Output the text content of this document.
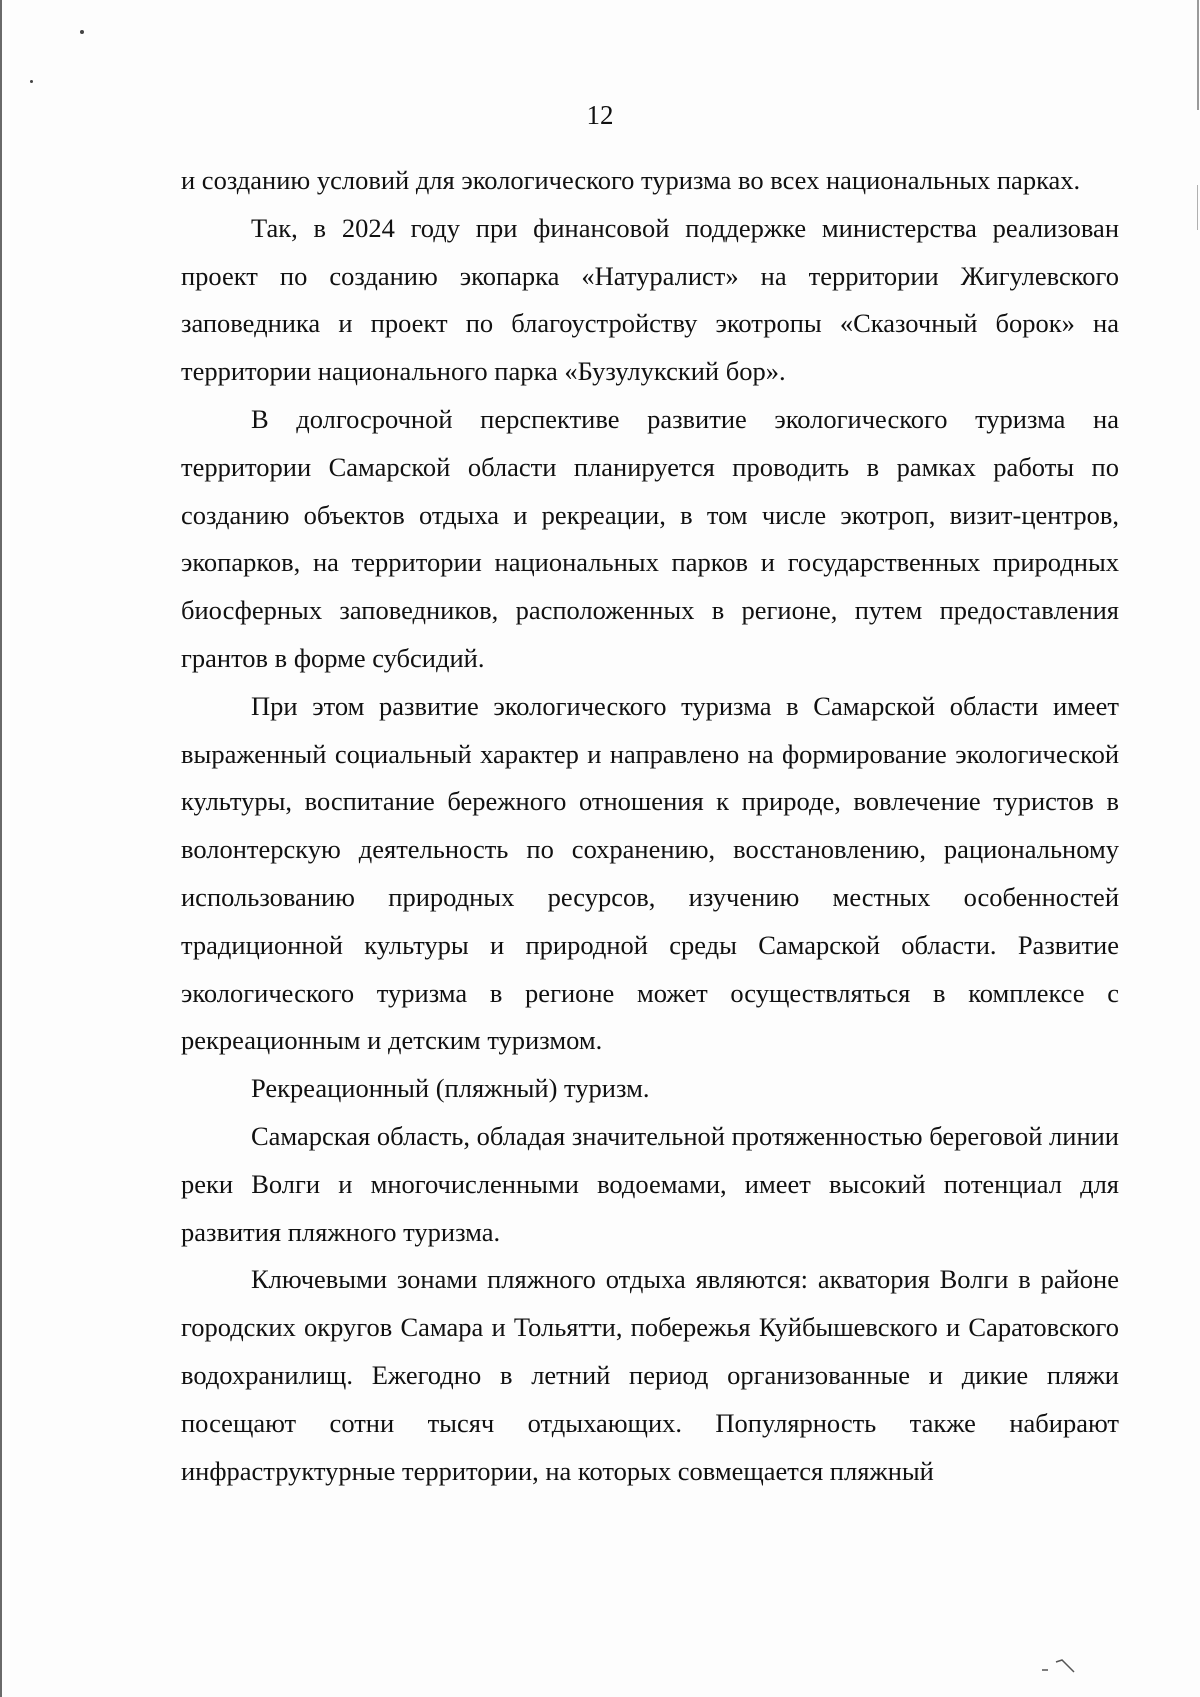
12

и созданию условий для экологического туризма во всех национальных парках.

Так, в 2024 году при финансовой поддержке министерства реализован проект по созданию экопарка «Натуралист» на территории Жигулевского заповедника и проект по благоустройству экотропы «Сказочный борок» на территории национального парка «Бузулукский бор».

В долгосрочной перспективе развитие экологического туризма на территории Самарской области планируется проводить в рамках работы по созданию объектов отдыха и рекреации, в том числе экотроп, визит-центров, экопарков, на территории национальных парков и государственных природных биосферных заповедников, расположенных в регионе, путем предоставления грантов в форме субсидий.

При этом развитие экологического туризма в Самарской области имеет выраженный социальный характер и направлено на формирование экологической культуры, воспитание бережного отношения к природе, вовлечение туристов в волонтерскую деятельность по сохранению, восстановлению, рациональному использованию природных ресурсов, изучению местных особенностей традиционной культуры и природной среды Самарской области. Развитие экологического туризма в регионе может осуществляться в комплексе с рекреационным и детским туризмом.

Рекреационный (пляжный) туризм.

Самарская область, обладая значительной протяженностью береговой линии реки Волги и многочисленными водоемами, имеет высокий потенциал для развития пляжного туризма.

Ключевыми зонами пляжного отдыха являются: акватория Волги в районе городских округов Самара и Тольятти, побережья Куйбышевского и Саратовского водохранилищ. Ежегодно в летний период организованные и дикие пляжи посещают сотни тысяч отдыхающих. Популярность также набирают инфраструктурные территории, на которых совмещается пляжный
